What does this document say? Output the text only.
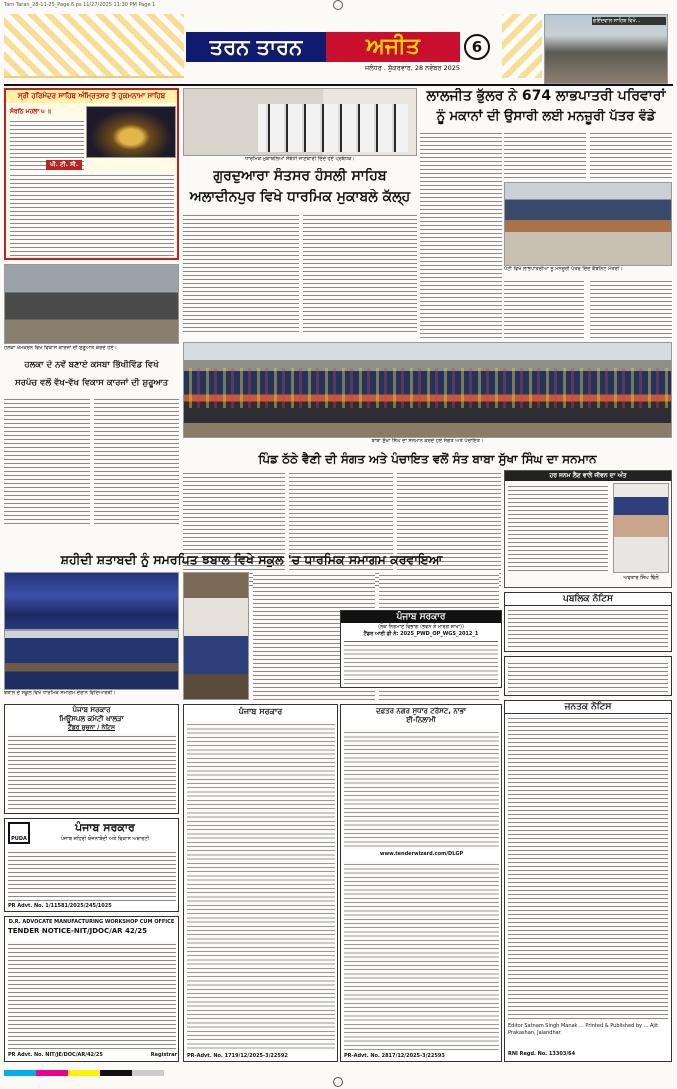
Tarn Taran_28-11-25_Page 6.ps 11/27/2025 11:30 PM Page 1
ਤਰਨ ਤਾਰਨ	ਅਜੀਤ	6
ਜਲੰਧਰ . ਸ਼ੁੱਕਰਵਾਰ, 28 ਨਵੰਬਰ 2025
ਗੋਇੰਦਵਾਲ ਸਾਹਿਬ ਵਿਖੇ...
ਸ੍ਰੀ ਹਰਿਮੰਦਰ ਸਾਹਿਬ ਅੰਮ੍ਰਿਤਸਰ ਤੋਂ ਹੁਕਮਨਾਮਾ ਸਾਹਿਬ
ਸੋਰਠਿ ਮਹਲਾ ੫ ॥
ਪੀ. ਟੀ. ਸੀ.
ਧਾਰਮਿਕ ਮੁਕਾਬਲਿਆਂ ਸੰਬੰਧੀ ਜਾਣਕਾਰੀ ਦਿੰਦੇ ਹੋਏ ਪ੍ਰਬੰਧਕ।
ਗੁਰਦੁਆਰਾ ਸੰਤਸਰ ਹੰਸਲੀ ਸਾਹਿਬ
ਅਲਾਦੀਨਪੁਰ ਵਿਖੇ ਧਾਰਮਿਕ ਮੁਕਾਬਲੇ ਕੱਲ੍ਹ
ਲਾਲਜੀਤ ਭੁੱਲਰ ਨੇ 674 ਲਾਭਪਾਤਰੀ ਪਰਿਵਾਰਾਂ
ਨੂੰ ਮਕਾਨਾਂ ਦੀ ਉਸਾਰੀ ਲਈ ਮਨਜ਼ੂਰੀ ਪੱਤਰ ਵੰਡੇ
ਪੱਟੀ ਵਿਖੇ ਲਾਭਪਾਤਰੀਆਂ ਨੂੰ ਮਨਜ਼ੂਰੀ ਪੱਤਰ ਦਿੰਦੇ ਕੈਬਨਿਟ ਮੰਤਰੀ।
ਹਲਕਾ ਖੇਮਕਰਨ ਵਿਖੇ ਵਿਕਾਸ ਕਾਰਜਾਂ ਦੀ ਸ਼ੁਰੂਆਤ ਕਰਦੇ ਹੋਏ।
ਹਲਕਾ ਦੇ ਨਵੇਂ ਬਣਾਏ ਕਸਬਾ ਭਿੱਖੀਵਿੰਡ ਵਿਖੇ
ਸਰਪੰਚ ਵਲੋਂ ਵੱਖ-ਵੱਖ ਵਿਕਾਸ ਕਾਰਜਾਂ ਦੀ ਸ਼ੁਰੂਆਤ
ਬਾਬਾ ਸੁੱਖਾ ਸਿੰਘ ਦਾ ਸਨਮਾਨ ਕਰਦੇ ਹੋਏ ਸੰਗਤ ਅਤੇ ਪੰਚਾਇਤ।
ਪਿੰਡ ਠੱਠੇ ਵੈਣੀ ਦੀ ਸੰਗਤ ਅਤੇ ਪੰਚਾਇਤ ਵਲੋਂ ਸੰਤ ਬਾਬਾ ਸੁੱਖਾ ਸਿੰਘ ਦਾ ਸਨਮਾਨ
ਹਰ ਜਨਮ ਲੈਣ ਵਾਲੇ ਜੀਵਨ ਦਾ ਅੰਤ
ਅਵਤਾਰ ਸਿੰਘ ਢਿੱਲੋਂ
ਸ਼ਹੀਦੀ ਸ਼ਤਾਬਦੀ ਨੂੰ ਸਮਰਪਿਤ ਝਬਾਲ ਵਿਖੇ ਸਕੂਲ 'ਚ ਧਾਰਮਿਕ ਸਮਾਗਮ ਕਰਵਾਇਆ
ਝਬਾਲ ਦੇ ਸਕੂਲ ਵਿਖੇ ਧਾਰਮਿਕ ਸਮਾਗਮ ਦੌਰਾਨ ਵਿਦਿਆਰਥੀ।
ਪੰਜਾਬ ਸਰਕਾਰ
(ਲੋਕ ਨਿਰਮਾਣ ਵਿਭਾਗ (ਭਵਨ ਤੇ ਮਾਰਗ ਸ਼ਾਖਾ))
ਟੈਂਡਰ ਆਈ ਡੀ ਨੰ: 2025_PWD_OP_WGS_2012_1
ਪਬਲਿਕ ਨੋਟਿਸ
ਪੰਜਾਬ ਸਰਕਾਰ
ਮਿਊਂਸਪਲ ਕਮੇਟੀ ਖਾਲੜਾ
ਟੈਂਡਰ ਸੂਚਨਾ / ਨੋਟਿਸ
PUDA
ਪੰਜਾਬ ਸਰਕਾਰ
ਪੰਜਾਬ ਸ਼ਹਿਰੀ ਯੋਜਨਾਬੰਦੀ ਅਤੇ ਵਿਕਾਸ ਅਥਾਰਟੀ
PR Advt. No. 1/11581/2025/245/1025
D.R. ADVOCATE MANUFACTURING WORKSHOP CUM OFFICE
TENDER NOTICE-NIT/JDOC/AR 42/25
PR Advt. No. NIT/JE/DOC/AR/42/25	Registrar
ਪੰਜਾਬ ਸਰਕਾਰ
PR-Advt. No. 1719/12/2025-3/22592
ਦਫ਼ਤਰ ਨਗਰ ਸੁਧਾਰ ਟਰੱਸਟ, ਨਾਭਾ
ਈ-ਨਿਲਾਮੀ
www.tenderwizard.com/DLGP
PR-Advt. No. 2817/12/2025-3/22593
ਜਨਤਕ ਨੋਟਿਸ
Editor Satnam Singh Manak ... Printed & Published by ... Ajit Prakashan, Jalandhar.
RNI Regd. No. 13303/64
